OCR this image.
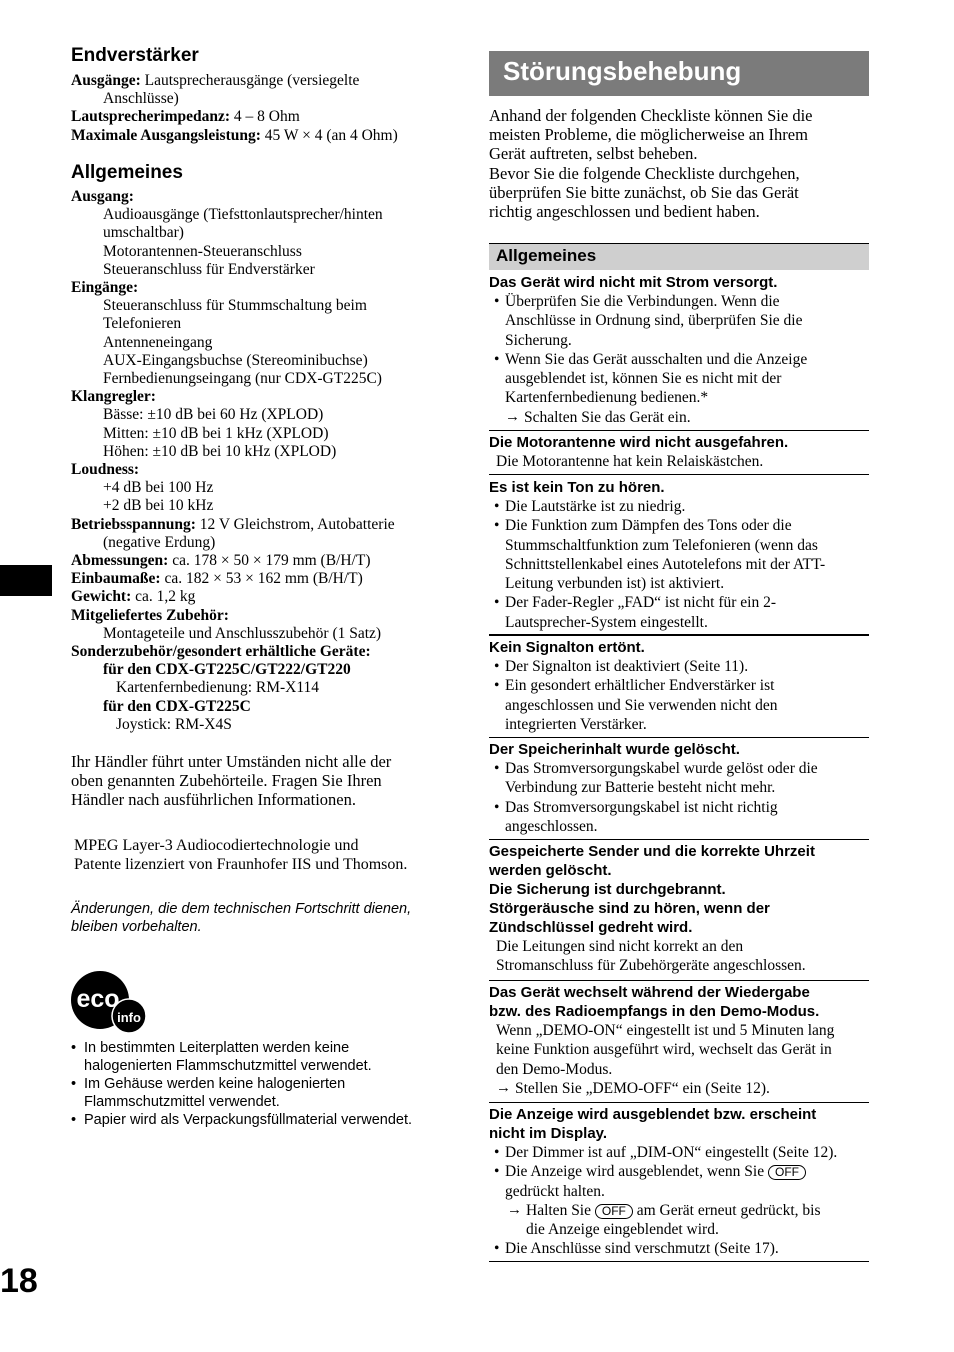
Endverstärker
Ausgänge: Lautsprecherausgänge (versiegelte
Anschlüsse)
Lautsprecherimpedanz: 4 – 8 Ohm
Maximale Ausgangsleistung: 45 W × 4 (an 4 Ohm)
Allgemeines
Ausgang:
Audioausgänge (Tiefsttonlautsprecher/hinten
umschaltbar)
Motorantennen-Steueranschluss
Steueranschluss für Endverstärker
Eingänge:
Steueranschluss für Stummschaltung beim
Telefonieren
Antenneneingang
AUX-Eingangsbuchse (Stereominibuchse)
Fernbedienungseingang (nur CDX-GT225C)
Klangregler:
Bässe: ±10 dB bei 60 Hz (XPLOD)
Mitten: ±10 dB bei 1 kHz (XPLOD)
Höhen: ±10 dB bei 10 kHz (XPLOD)
Loudness:
+4 dB bei 100 Hz
+2 dB bei 10 kHz
Betriebsspannung: 12 V Gleichstrom, Autobatterie
(negative Erdung)
Abmessungen: ca. 178 × 50 × 179 mm (B/H/T)
Einbaumaße: ca. 182 × 53 × 162 mm (B/H/T)
Gewicht: ca. 1,2 kg
Mitgeliefertes Zubehör:
Montageteile und Anschlusszubehör (1 Satz)
Sonderzubehör/gesondert erhältliche Geräte:
für den CDX-GT225C/GT222/GT220
Kartenfernbedienung: RM-X114
für den CDX-GT225C
Joystick: RM-X4S
Ihr Händler führt unter Umständen nicht alle der
oben genannten Zubehörteile. Fragen Sie Ihren
Händler nach ausführlichen Informationen.
MPEG Layer-3 Audiocodiertechnologie und
Patente lizenziert von Fraunhofer IIS und Thomson.
Änderungen, die dem technischen Fortschritt dienen,
bleiben vorbehalten.
eco
info
• In bestimmten Leiterplatten werden keine
halogenierten Flammschutzmittel verwendet.
• Im Gehäuse werden keine halogenierten
Flammschutzmittel verwendet.
• Papier wird als Verpackungsfüllmaterial verwendet.
18
Störungsbehebung
Anhand der folgenden Checkliste können Sie die
meisten Probleme, die möglicherweise an Ihrem
Gerät auftreten, selbst beheben.
Bevor Sie die folgende Checkliste durchgehen,
überprüfen Sie bitte zunächst, ob Sie das Gerät
richtig angeschlossen und bedient haben.
Allgemeines
Das Gerät wird nicht mit Strom versorgt.
• Überprüfen Sie die Verbindungen. Wenn die
Anschlüsse in Ordnung sind, überprüfen Sie die
Sicherung.
• Wenn Sie das Gerät ausschalten und die Anzeige
ausgeblendet ist, können Sie es nicht mit der
Kartenfernbedienung bedienen.*
→ Schalten Sie das Gerät ein.
Die Motorantenne wird nicht ausgefahren.
Die Motorantenne hat kein Relaiskästchen.
Es ist kein Ton zu hören.
• Die Lautstärke ist zu niedrig.
• Die Funktion zum Dämpfen des Tons oder die
Stummschaltfunktion zum Telefonieren (wenn das
Schnittstellenkabel eines Autotelefons mit der ATT-
Leitung verbunden ist) ist aktiviert.
• Der Fader-Regler „FAD“ ist nicht für ein 2-
Lautsprecher-System eingestellt.
Kein Signalton ertönt.
• Der Signalton ist deaktiviert (Seite 11).
• Ein gesondert erhältlicher Endverstärker ist
angeschlossen und Sie verwenden nicht den
integrierten Verstärker.
Der Speicherinhalt wurde gelöscht.
• Das Stromversorgungskabel wurde gelöst oder die
Verbindung zur Batterie besteht nicht mehr.
• Das Stromversorgungskabel ist nicht richtig
angeschlossen.
Gespeicherte Sender und die korrekte Uhrzeit
werden gelöscht.
Die Sicherung ist durchgebrannt.
Störgeräusche sind zu hören, wenn der
Zündschlüssel gedreht wird.
Die Leitungen sind nicht korrekt an den
Stromanschluss für Zubehörgeräte angeschlossen.
Das Gerät wechselt während der Wiedergabe
bzw. des Radioempfangs in den Demo-Modus.
Wenn „DEMO-ON“ eingestellt ist und 5 Minuten lang
keine Funktion ausgeführt wird, wechselt das Gerät in
den Demo-Modus.
→ Stellen Sie „DEMO-OFF“ ein (Seite 12).
Die Anzeige wird ausgeblendet bzw. erscheint
nicht im Display.
• Der Dimmer ist auf „DIM-ON“ eingestellt (Seite 12).
• Die Anzeige wird ausgeblendet, wenn Sie OFF
gedrückt halten.
→ Halten Sie OFF am Gerät erneut gedrückt, bis
die Anzeige eingeblendet wird.
• Die Anschlüsse sind verschmutzt (Seite 17).
